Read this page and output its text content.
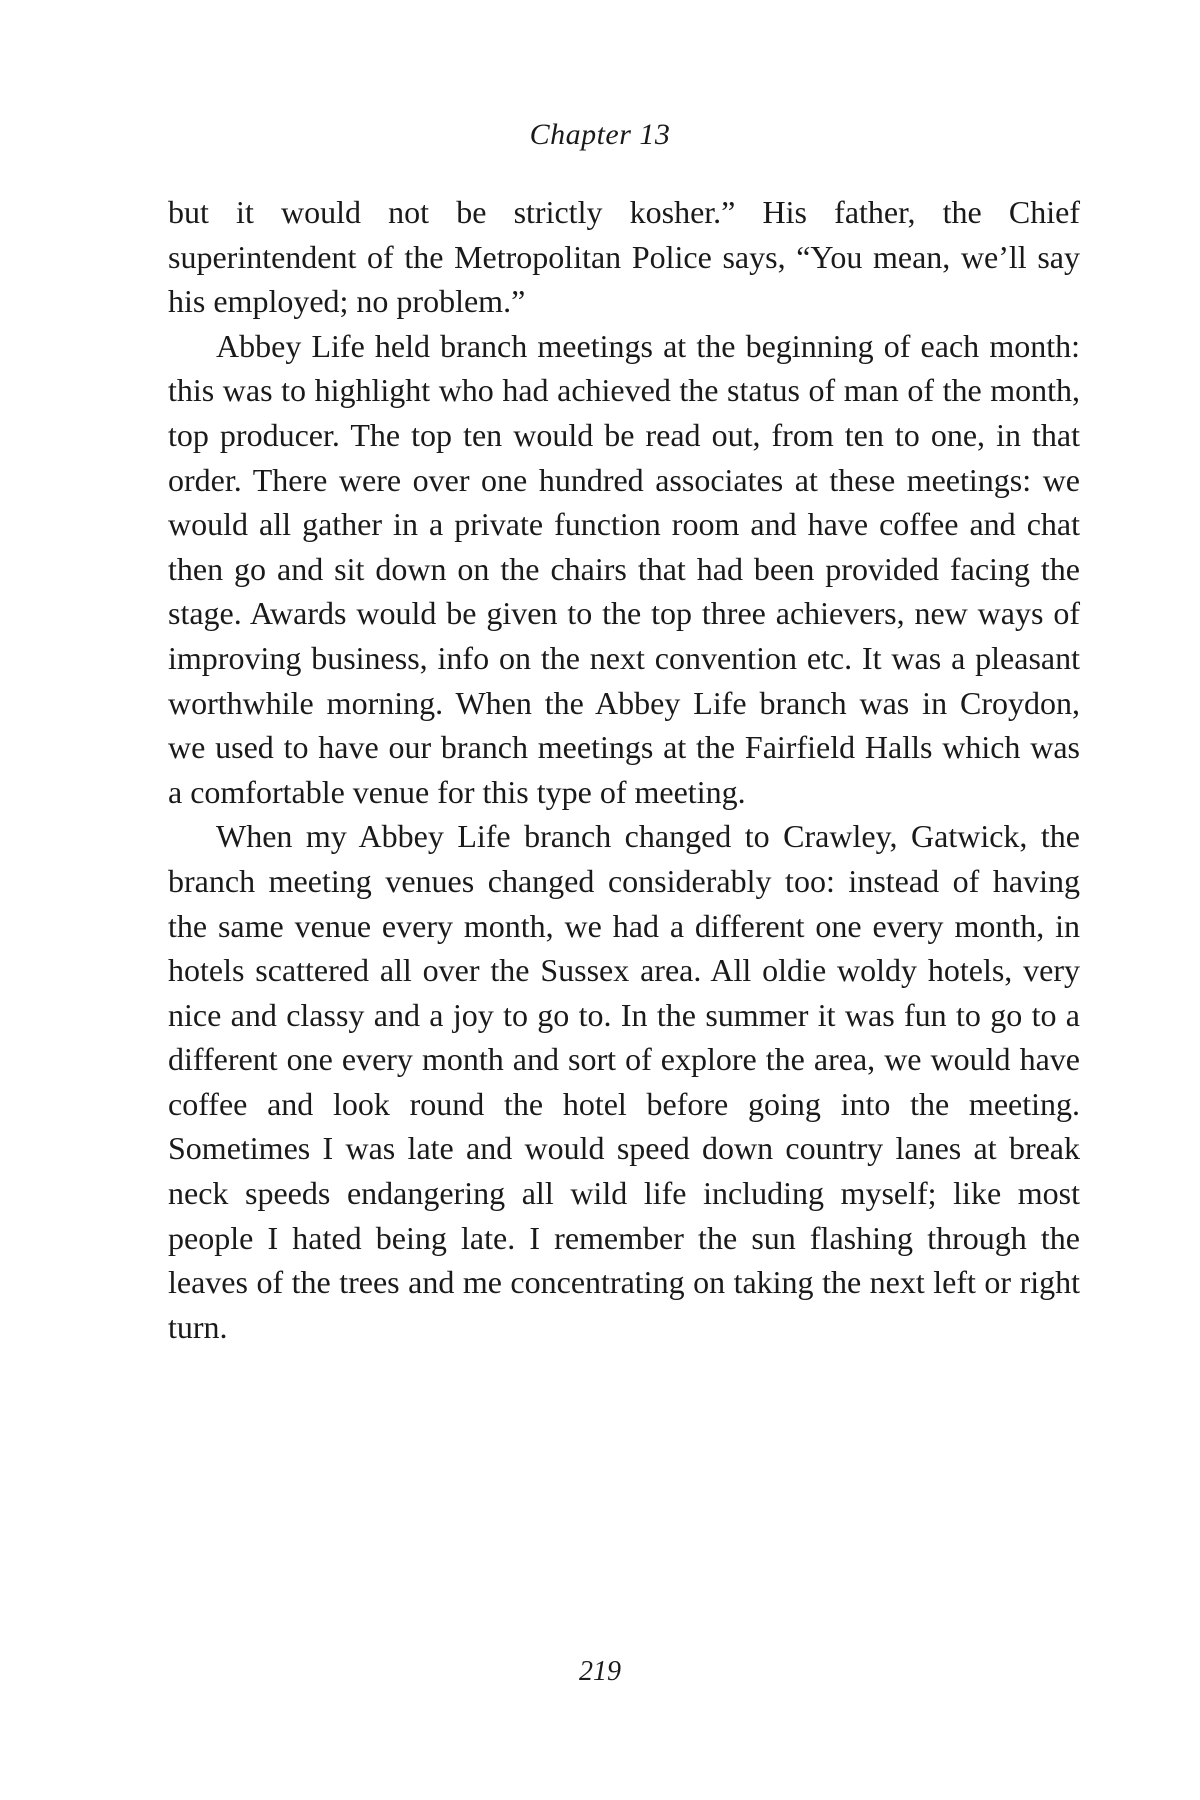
Chapter 13

but it would not be strictly kosher.” His father, the Chief superintendent of the Metropolitan Police says, “You mean, we’ll say his employed; no problem.”

Abbey Life held branch meetings at the beginning of each month: this was to highlight who had achieved the status of man of the month, top producer. The top ten would be read out, from ten to one, in that order. There were over one hundred associates at these meetings: we would all gather in a private function room and have coffee and chat then go and sit down on the chairs that had been provided facing the stage. Awards would be given to the top three achievers, new ways of improving business, info on the next convention etc. It was a pleasant worthwhile morning. When the Abbey Life branch was in Croydon, we used to have our branch meetings at the Fairfield Halls which was a comfortable venue for this type of meeting.

When my Abbey Life branch changed to Crawley, Gatwick, the branch meeting venues changed considerably too: instead of having the same venue every month, we had a different one every month, in hotels scattered all over the Sussex area. All oldie woldy hotels, very nice and classy and a joy to go to. In the summer it was fun to go to a different one every month and sort of explore the area, we would have coffee and look round the hotel before going into the meeting. Sometimes I was late and would speed down country lanes at break neck speeds endangering all wild life including myself; like most people I hated being late. I remember the sun flashing through the leaves of the trees and me concentrating on taking the next left or right turn.

219
